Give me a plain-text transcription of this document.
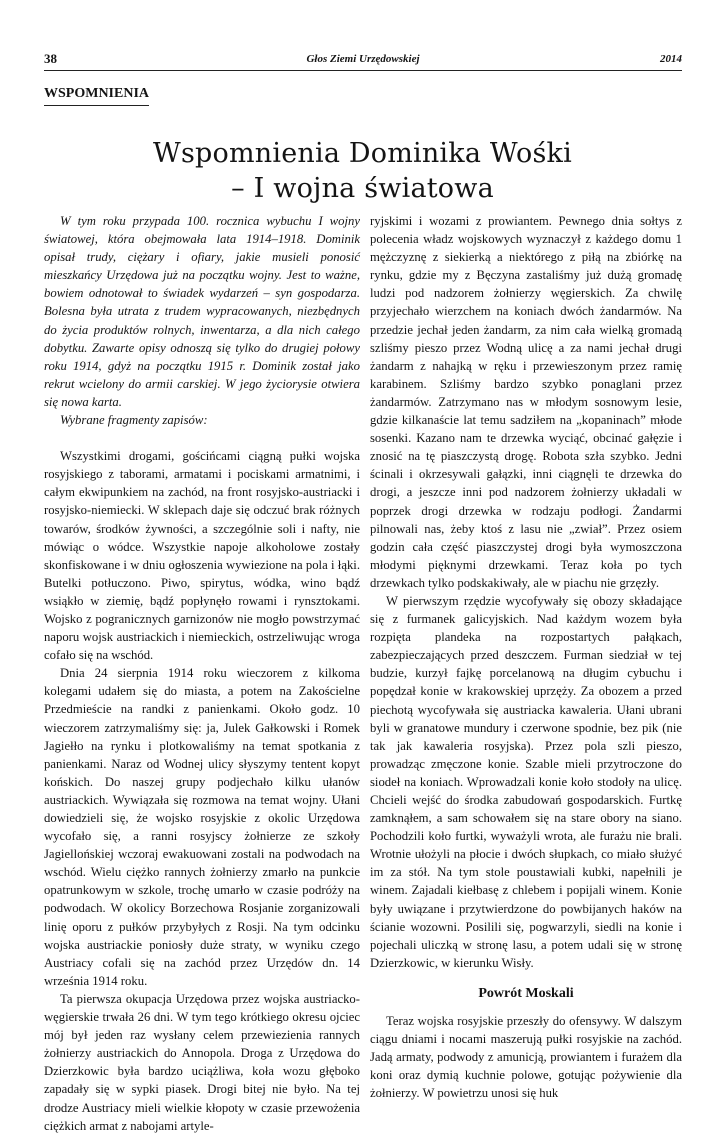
38	Głos Ziemi Urzędowskiej	2014
WSPOMNIENIA
Wspomnienia Dominika Wośki
– I wojna światowa

W tym roku przypada 100. rocznica wybuchu I wojny światowej, która obejmowała lata 1914–1918. Dominik opisał trudy, ciężary i ofiary, jakie musieli ponosić mieszkańcy Urzędowa już na początku wojny. Jest to ważne, bowiem odnotował to świadek wydarzeń – syn gospodarza. Bolesna była utrata z trudem wypracowanych, niezbędnych do życia produktów rolnych, inwentarza, a dla nich całego dobytku. Zawarte opisy odnoszą się tylko do drugiej połowy roku 1914, gdyż na początku 1915 r. Dominik został jako rekrut wcielony do armii carskiej. W jego życiorysie otwiera się nowa karta.

Wybrane fragmenty zapisów:

Wszystkimi drogami, gościńcami ciągną pułki wojska rosyjskiego z taborami, armatami i pociskami armatnimi, i całym ekwipunkiem na zachód, na front rosyjsko-austriacki i rosyjsko-niemiecki. W sklepach daje się odczuć brak różnych towarów, środków żywności, a szczególnie soli i nafty, nie mówiąc o wódce. Wszystkie napoje alkoholowe zostały skonfiskowane i w dniu ogłoszenia wywiezione na pola i łąki. Butelki potłuczono. Piwo, spirytus, wódka, wino bądź wsiąkło w ziemię, bądź popłynęło rowami i rynsztokami. Wojsko z pogranicznych garnizonów nie mogło powstrzymać naporu wojsk austriackich i niemieckich, ostrzeliwując wroga cofało się na wschód.

Dnia 24 sierpnia 1914 roku wieczorem z kilkoma kolegami udałem się do miasta, a potem na Zakościelne Przedmieście na randki z panienkami. Około godz. 10 wieczorem zatrzymaliśmy się: ja, Julek Gałkowski i Romek Jagiełło na rynku i plotkowaliśmy na temat spotkania z panienkami. Naraz od Wodnej ulicy słyszymy tentent kopyt końskich. Do naszej grupy podjechało kilku ułanów austriackich. Wywiązała się rozmowa na temat wojny. Ułani dowiedzieli się, że wojsko rosyjskie z okolic Urzędowa wycofało się, a ranni rosyjscy żołnierze ze szkoły Jagiellońskiej wczoraj ewakuowani zostali na podwodach na wschód. Wielu ciężko rannych żołnierzy zmarło na punkcie opatrunkowym w szkole, trochę umarło w czasie podróży na podwodach. W okolicy Borzechowa Rosjanie zorganizowali linię oporu z pułków przybyłych z Rosji. Na tym odcinku wojska austriackie poniosły duże straty, w wyniku czego Austriacy cofali się na zachód przez Urzędów dn. 14 września 1914 roku.

Ta pierwsza okupacja Urzędowa przez wojska austriacko-węgierskie trwała 26 dni. W tym tego krótkiego okresu ojciec mój był jeden raz wysłany celem przewiezienia rannych żołnierzy austriackich do Annopola. Droga z Urzędowa do Dzierzkowic była bardzo uciążliwa, koła wozu głęboko zapadały się w sypki piasek. Drogi bitej nie było. Na tej drodze Austriacy mieli wielkie kłopoty w czasie przewożenia ciężkich armat z nabojami artyle-

ryjskimi i wozami z prowiantem. Pewnego dnia sołtys z polecenia władz wojskowych wyznaczył z każdego domu 1 mężczyznę z siekierką a niektórego z piłą na zbiórkę na rynku, gdzie my z Bęczyna zastaliśmy już dużą gromadę ludzi pod nadzorem żołnierzy węgierskich. Za chwilę przyjechało wierzchem na koniach dwóch żandarmów. Na przedzie jechał jeden żandarm, za nim cała wielką gromadą szliśmy pieszo przez Wodną ulicę a za nami jechał drugi żandarm z nahajką w ręku i przewieszonym przez ramię karabinem. Szliśmy bardzo szybko ponaglani przez żandarmów. Zatrzymano nas w młodym sosnowym lesie, gdzie kilkanaście lat temu sadziłem na „kopaninach” młode sosenki. Kazano nam te drzewka wyciąć, obcinać gałęzie i znosić na tę piaszczystą drogę. Robota szła szybko. Jedni ścinali i okrzesywali gałązki, inni ciągnęli te drzewka do drogi, a jeszcze inni pod nadzorem żołnierzy układali w poprzek drogi drzewka w rodzaju podłogi. Żandarmi pilnowali nas, żeby ktoś z lasu nie „zwiał”. Przez osiem godzin cała część piaszczystej drogi była wymoszczona młodymi pięknymi drzewkami. Teraz koła po tych drzewkach tylko podskakiwały, ale w piachu nie grzęzły.

W pierwszym rzędzie wycofywały się obozy składające się z furmanek galicyjskich. Nad każdym wozem była rozpięta plandeka na rozpostartych pałąkach, zabezpieczających przed deszczem. Furman siedział w tej budzie, kurzył fajkę porcelanową na długim cybuchu i popędzał konie w krakowskiej uprzęży. Za obozem a przed piechotą wycofywała się austriacka kawaleria. Ułani ubrani byli w granatowe mundury i czerwone spodnie, bez pik (nie tak jak kawaleria rosyjska). Przez pola szli pieszo, prowadząc zmęczone konie. Szable mieli przytroczone do siodeł na koniach. Wprowadzali konie koło stodoły na ulicę. Chcieli wejść do środka zabudowań gospodarskich. Furtkę zamknąłem, a sam schowałem się na stare obory na siano. Pochodzili koło furtki, wyważyli wrota, ale furażu nie brali. Wrotnie ułożyli na płocie i dwóch słupkach, co miało służyć im za stół. Na tym stole poustawiali kubki, napełnili je winem. Zajadali kiełbasę z chlebem i popijali winem. Konie były uwiązane i przytwierdzone do powbijanych haków na ścianie wozowni. Posilili się, pogwarzyli, siedli na konie i pojechali uliczką w stronę lasu, a potem udali się w stronę Dzierzkowic, w kierunku Wisły.

Powrót Moskali

Teraz wojska rosyjskie przeszły do ofensywy. W dalszym ciągu dniami i nocami maszerują pułki rosyjskie na zachód. Jadą armaty, podwody z amunicją, prowiantem i furażem dla koni oraz dymią kuchnie polowe, gotując pożywienie dla żołnierzy. W powietrzu unosi się huk
